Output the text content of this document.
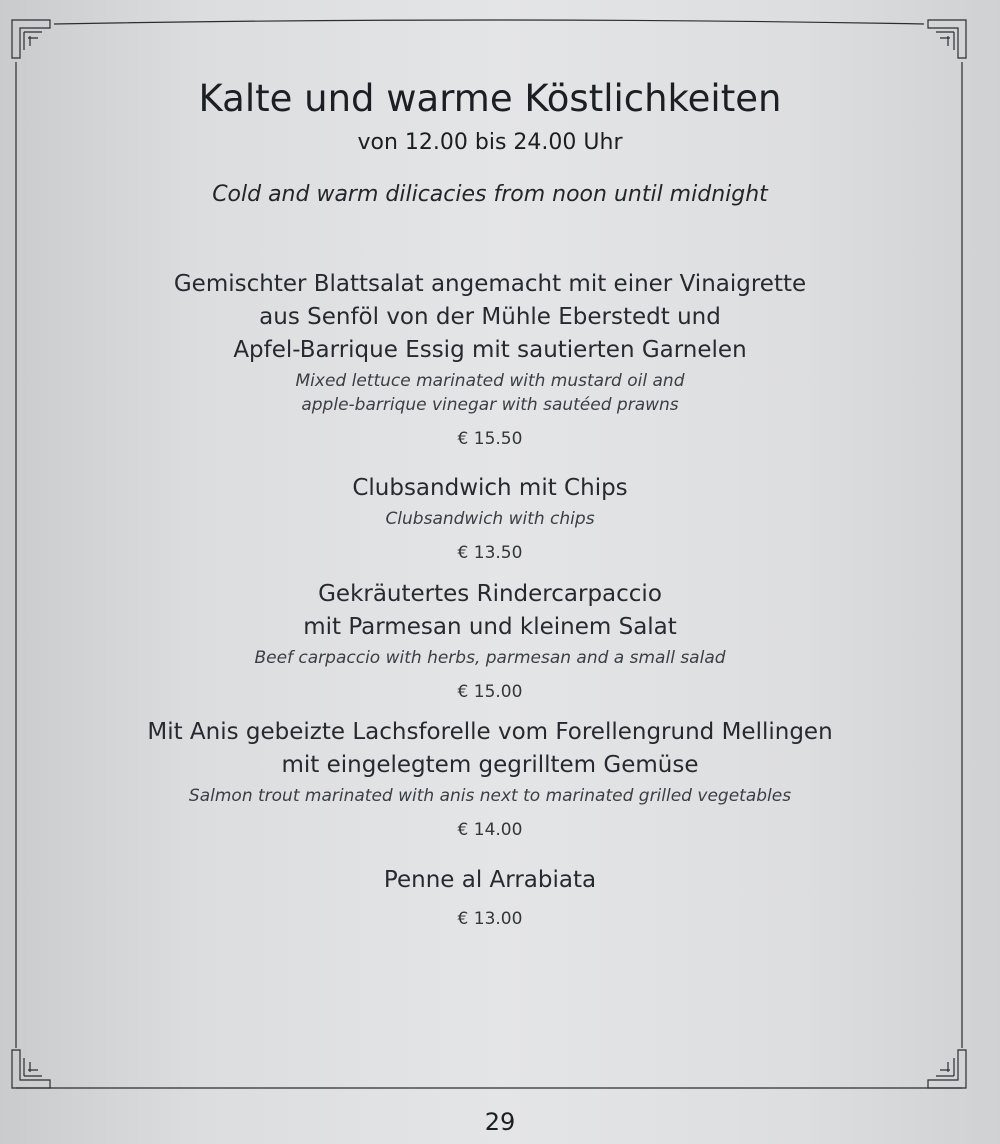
Kalte und warme Köstlichkeiten
von 12.00 bis 24.00 Uhr
Cold and warm dilicacies from noon until midnight
Gemischter Blattsalat angemacht mit einer Vinaigrette
aus Senföl von der Mühle Eberstedt und
Apfel-Barrique Essig mit sautierten Garnelen
Mixed lettuce marinated with mustard oil and
apple-barrique vinegar with sautéed prawns
€ 15.50
Clubsandwich mit Chips
Clubsandwich with chips
€ 13.50
Gekräutertes Rindercarpaccio
mit Parmesan und kleinem Salat
Beef carpaccio with herbs, parmesan and a small salad
€ 15.00
Mit Anis gebeizte Lachsforelle vom Forellengrund Mellingen
mit eingelegtem gegrilltem Gemüse
Salmon trout marinated with anis next to marinated grilled vegetables
€ 14.00
Penne al Arrabiata
€ 13.00
29
